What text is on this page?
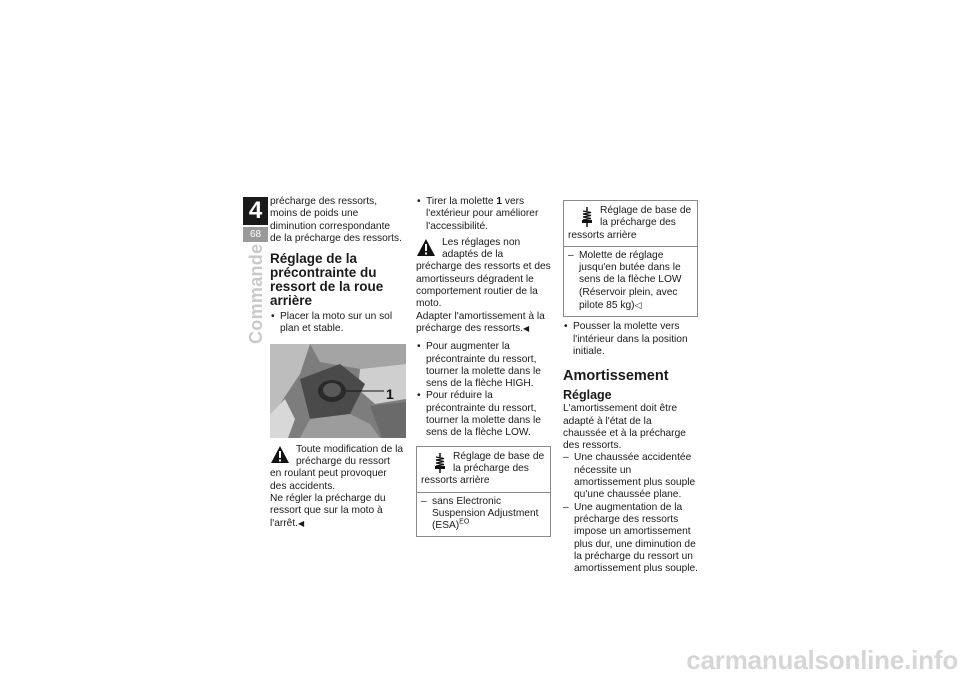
4
68
Commande

précharge des ressorts, moins de poids une diminution correspondante de la précharge des ressorts.

Réglage de la précontrainte du ressort de la roue arrière

• Placer la moto sur un sol plan et stable.

1

Toute modification de la précharge du ressort en roulant peut provoquer des accidents.

Ne régler la précharge du ressort que sur la moto à l'arrêt.◀

• Tirer la molette 1 vers l'extérieur pour améliorer l'accessibilité.

Les réglages non adaptés de la précharge des ressorts et des amortisseurs dégradent le comportement routier de la moto.

Adapter l'amortissement à la précharge des ressorts.◀

• Pour augmenter la précontrainte du ressort, tourner la molette dans le sens de la flèche HIGH.

• Pour réduire la précontrainte du ressort, tourner la molette dans le sens de la flèche LOW.

Réglage de base de la précharge des ressorts arrière

– sans Electronic Suspension Adjustment (ESA)$^{EO}$

Réglage de base de la précharge des ressorts arrière

– Molette de réglage jusqu'en butée dans le sens de la flèche LOW (Réservoir plein, avec pilote 85 kg)◁

• Pousser la molette vers l'intérieur dans la position initiale.

Amortissement
Réglage

L'amortissement doit être adapté à l'état de la chaussée et à la précharge des ressorts.

– Une chaussée accidentée nécessite un amortissement plus souple qu'une chaussée plane.

– Une augmentation de la précharge des ressorts impose un amortissement plus dur, une diminution de la précharge du ressort un amortissement plus souple.

carmanualsonline.info
